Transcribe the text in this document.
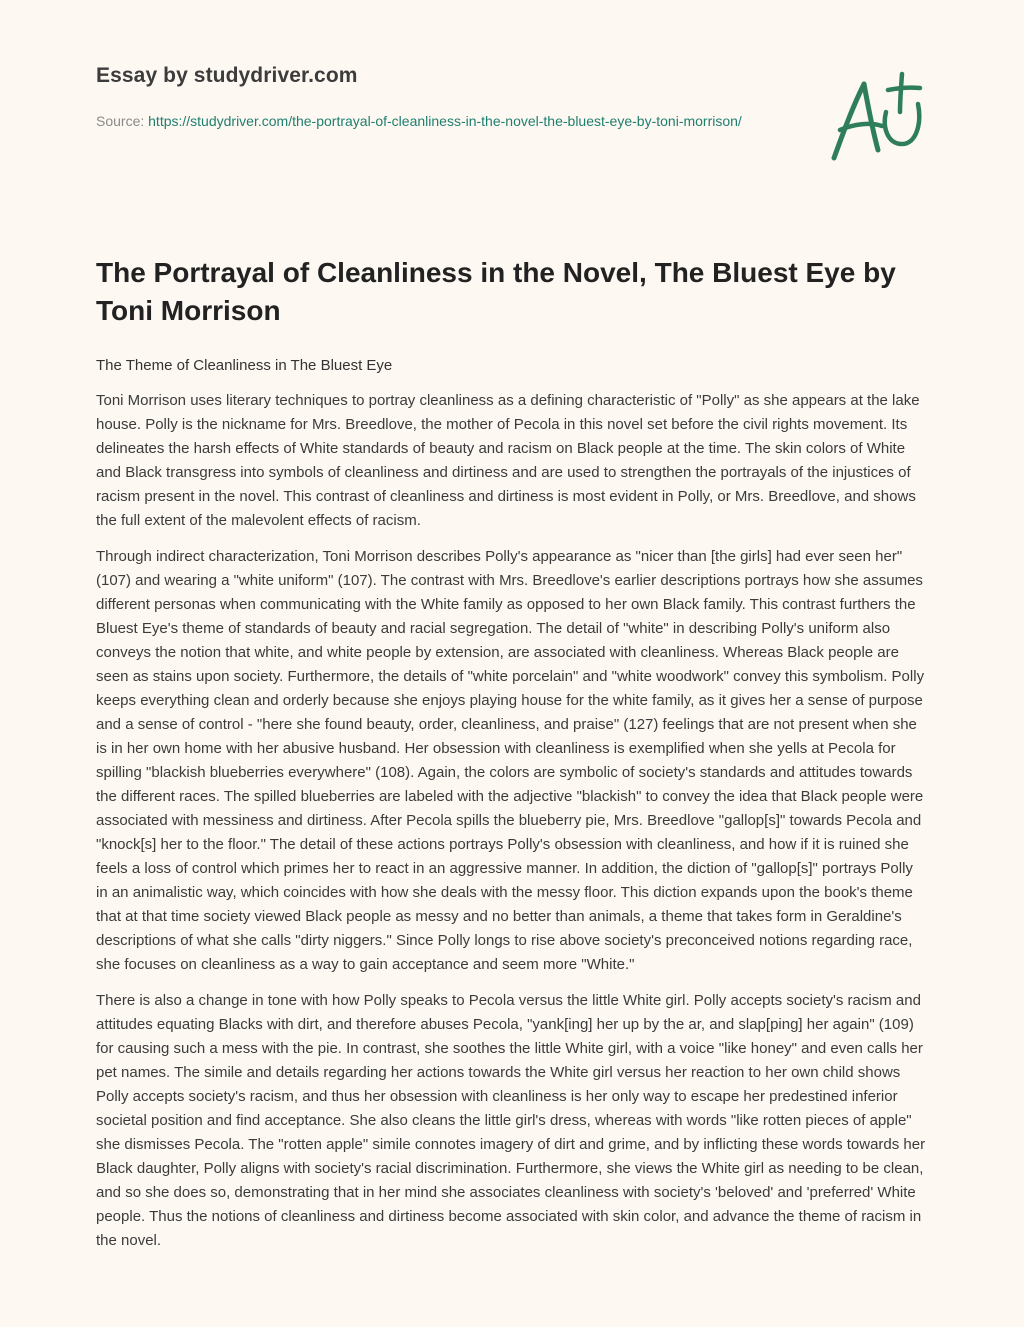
Essay by studydriver.com
Source: https://studydriver.com/the-portrayal-of-cleanliness-in-the-novel-the-bluest-eye-by-toni-morrison/
The Portrayal of Cleanliness in the Novel, The Bluest Eye by Toni Morrison

The Theme of Cleanliness in The Bluest Eye

Toni Morrison uses literary techniques to portray cleanliness as a defining characteristic of "Polly" as she appears at the lake house. Polly is the nickname for Mrs. Breedlove, the mother of Pecola in this novel set before the civil rights movement. Its delineates the harsh effects of White standards of beauty and racism on Black people at the time. The skin colors of White and Black transgress into symbols of cleanliness and dirtiness and are used to strengthen the portrayals of the injustices of racism present in the novel. This contrast of cleanliness and dirtiness is most evident in Polly, or Mrs. Breedlove, and shows the full extent of the malevolent effects of racism.

Through indirect characterization, Toni Morrison describes Polly's appearance as "nicer than [the girls] had ever seen her" (107) and wearing a "white uniform" (107). The contrast with Mrs. Breedlove's earlier descriptions portrays how she assumes different personas when communicating with the White family as opposed to her own Black family. This contrast furthers the Bluest Eye's theme of standards of beauty and racial segregation. The detail of "white" in describing Polly's uniform also conveys the notion that white, and white people by extension, are associated with cleanliness. Whereas Black people are seen as stains upon society. Furthermore, the details of "white porcelain" and "white woodwork" convey this symbolism. Polly keeps everything clean and orderly because she enjoys playing house for the white family, as it gives her a sense of purpose and a sense of control - "here she found beauty, order, cleanliness, and praise" (127) feelings that are not present when she is in her own home with her abusive husband. Her obsession with cleanliness is exemplified when she yells at Pecola for spilling "blackish blueberries everywhere" (108). Again, the colors are symbolic of society's standards and attitudes towards the different races. The spilled blueberries are labeled with the adjective "blackish" to convey the idea that Black people were associated with messiness and dirtiness. After Pecola spills the blueberry pie, Mrs. Breedlove "gallop[s]" towards Pecola and "knock[s] her to the floor." The detail of these actions portrays Polly's obsession with cleanliness, and how if it is ruined she feels a loss of control which primes her to react in an aggressive manner. In addition, the diction of "gallop[s]" portrays Polly in an animalistic way, which coincides with how she deals with the messy floor. This diction expands upon the book's theme that at that time society viewed Black people as messy and no better than animals, a theme that takes form in Geraldine's descriptions of what she calls "dirty niggers." Since Polly longs to rise above society's preconceived notions regarding race, she focuses on cleanliness as a way to gain acceptance and seem more "White."

There is also a change in tone with how Polly speaks to Pecola versus the little White girl. Polly accepts society's racism and attitudes equating Blacks with dirt, and therefore abuses Pecola, "yank[ing] her up by the ar, and slap[ping] her again" (109) for causing such a mess with the pie. In contrast, she soothes the little White girl, with a voice "like honey" and even calls her pet names. The simile and details regarding her actions towards the White girl versus her reaction to her own child shows Polly accepts society's racism, and thus her obsession with cleanliness is her only way to escape her predestined inferior societal position and find acceptance. She also cleans the little girl's dress, whereas with words "like rotten pieces of apple" she dismisses Pecola. The "rotten apple" simile connotes imagery of dirt and grime, and by inflicting these words towards her Black daughter, Polly aligns with society's racial discrimination. Furthermore, she views the White girl as needing to be clean, and so she does so, demonstrating that in her mind she associates cleanliness with society's 'beloved' and 'preferred' White people. Thus the notions of cleanliness and dirtiness become associated with skin color, and advance the theme of racism in the novel.
